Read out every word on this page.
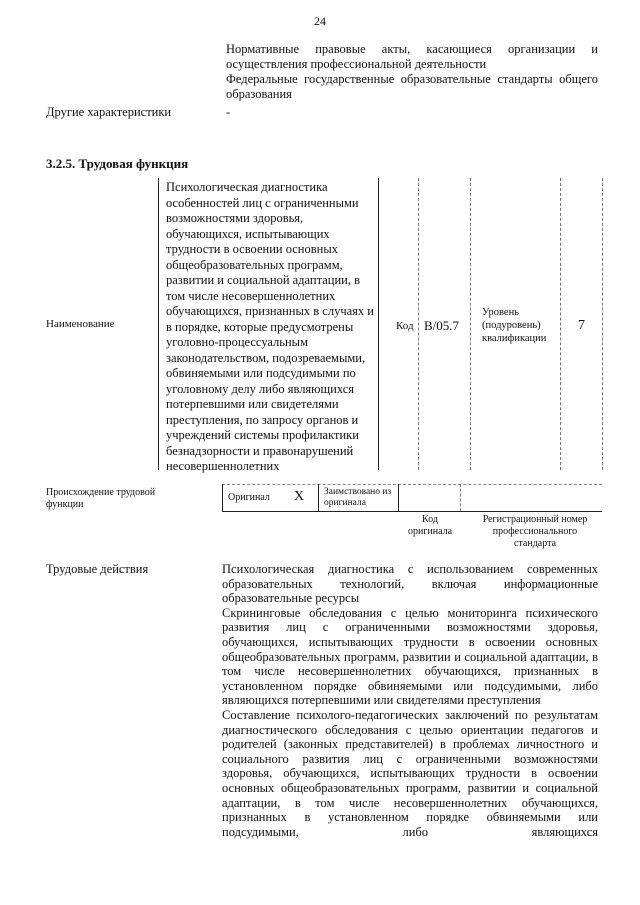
24

Нормативные правовые акты, касающиеся организации и осуществления профессиональной деятельности

Федеральные государственные образовательные стандарты общего образования

Другие характеристики	-
3.2.5. Трудовая функция
Наименование
Психологическая диагностика особенностей лиц с ограниченными возможностями здоровья, обучающихся, испытывающих трудности в освоении основных общеобразовательных программ, развитии и социальной адаптации, в том числе несовершеннолетних обучающихся, признанных в случаях и в порядке, которые предусмотрены уголовно-процессуальным законодательством, подозреваемыми, обвиняемыми или подсудимыми по уголовному делу либо являющихся потерпевшими или свидетелями преступления, по запросу органов и учреждений системы профилактики безнадзорности и правонарушений несовершеннолетних
Код В/05.7
Уровень (подуровень) квалификации
7
Происхождение трудовой функции
Оригинал X Заимствовано из оригинала
Код оригинала
Регистрационный номер профессионального стандарта
Трудовые действия	Психологическая диагностика с использованием современных образовательных технологий, включая информационные образовательные ресурсы

Скрининговые обследования с целью мониторинга психического развития лиц с ограниченными возможностями здоровья, обучающихся, испытывающих трудности в освоении основных общеобразовательных программ, развитии и социальной адаптации, в том числе несовершеннолетних обучающихся, признанных в установленном порядке обвиняемыми или подсудимыми, либо являющихся потерпевшими или свидетелями преступления

Составление психолого-педагогических заключений по результатам диагностического обследования с целью ориентации педагогов и родителей (законных представителей) в проблемах личностного и социального развития лиц с ограниченными возможностями здоровья, обучающихся, испытывающих трудности в освоении основных общеобразовательных программ, развитии и социальной адаптации, в том числе несовершеннолетних обучающихся, признанных в установленном порядке обвиняемыми или подсудимыми, либо являющихся
